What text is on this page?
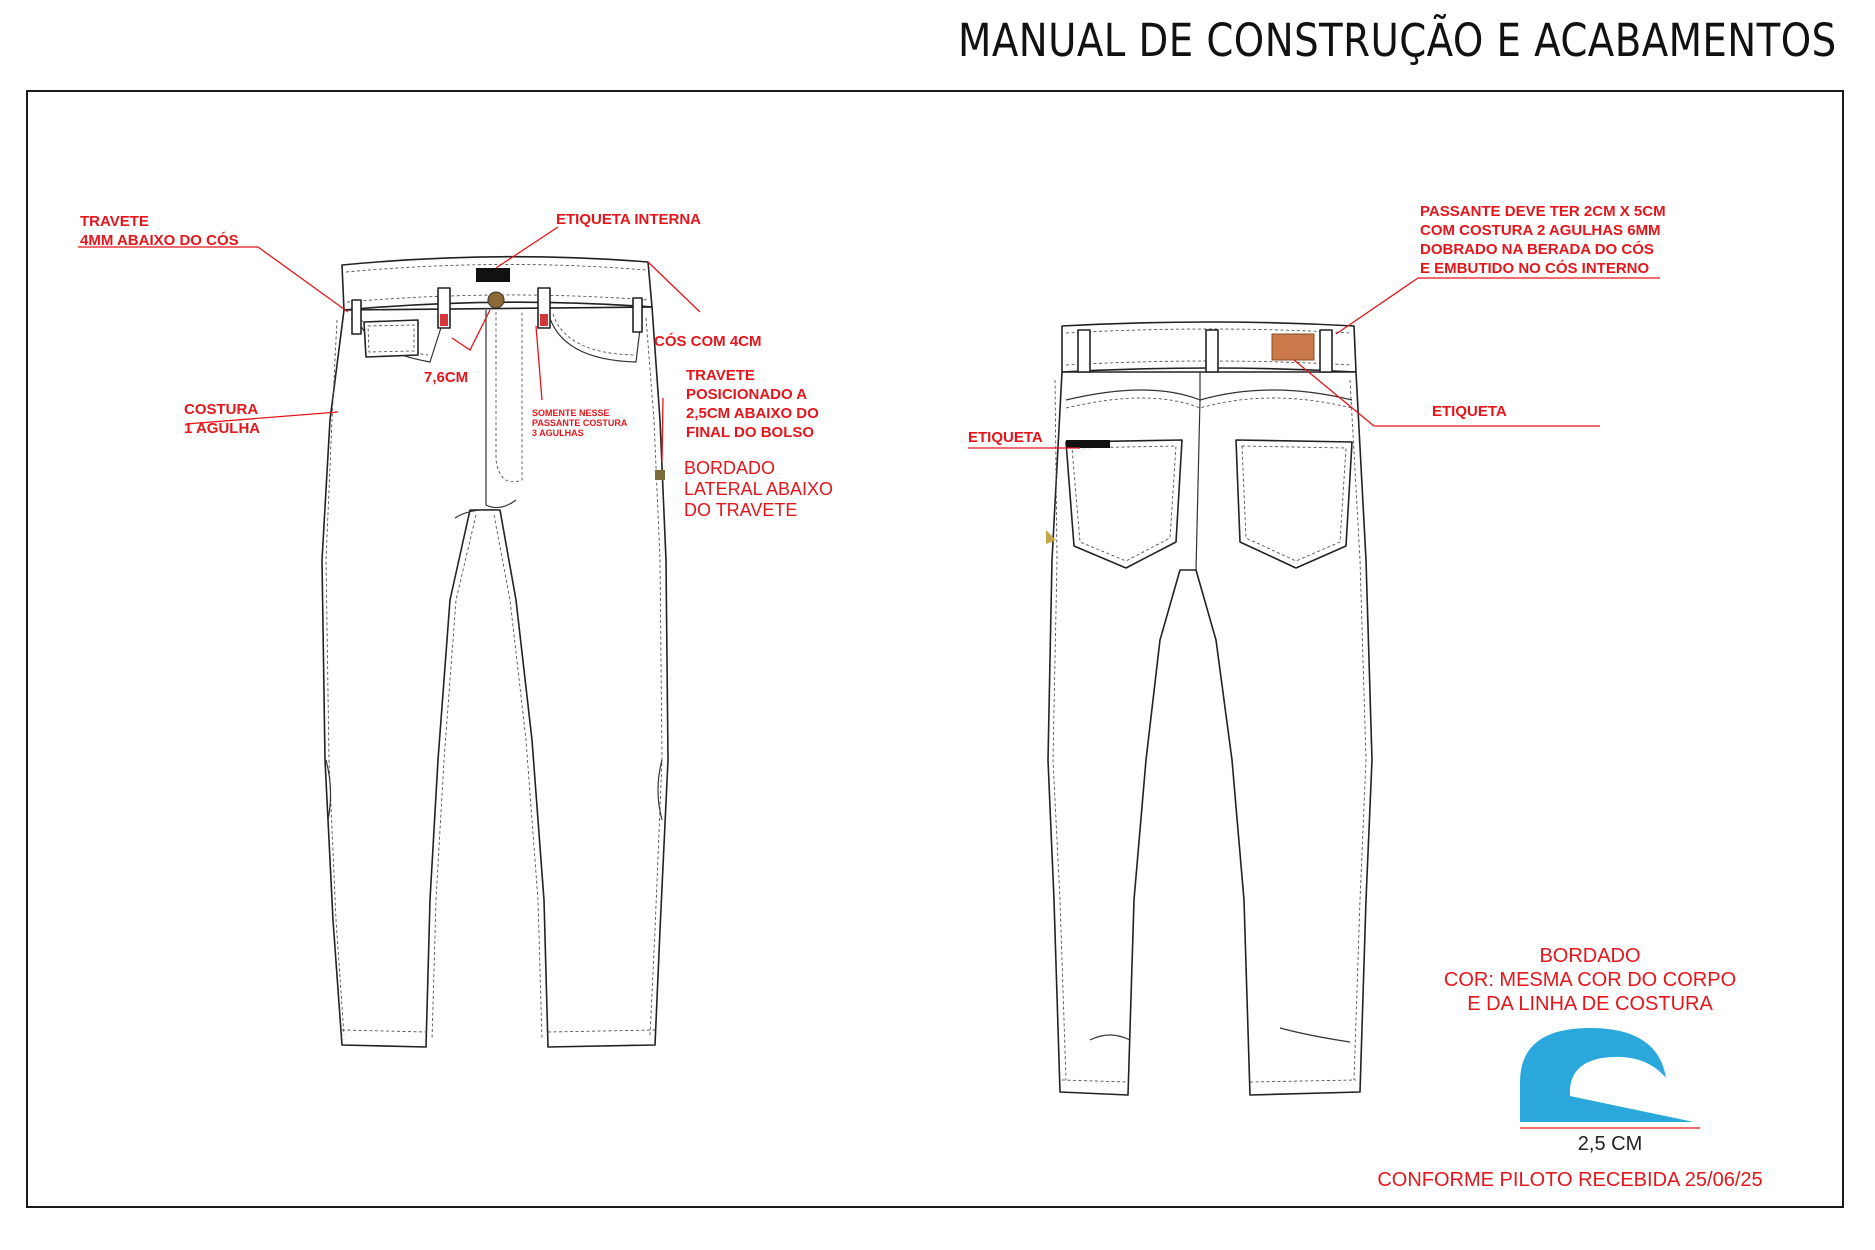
MANUAL DE CONSTRUÇÃO E ACABAMENTOS
TRAVETE
4MM ABAIXO DO CÓS
ETIQUETA INTERNA
CÓS COM 4CM
7,6CM
COSTURA
1 AGULHA
TRAVETE
POSICIONADO A
2,5CM ABAIXO DO
FINAL DO BOLSO
SOMENTE NESSE
PASSANTE COSTURA
3 AGULHAS
BORDADO
LATERAL ABAIXO
DO TRAVETE
PASSANTE DEVE TER 2CM X 5CM
COM COSTURA 2 AGULHAS 6MM
DOBRADO NA BERADA DO CÓS
E EMBUTIDO NO CÓS INTERNO
ETIQUETA
ETIQUETA
BORDADO
COR: MESMA COR DO CORPO
E DA LINHA DE COSTURA
2,5 CM
CONFORME PILOTO RECEBIDA 25/06/25
